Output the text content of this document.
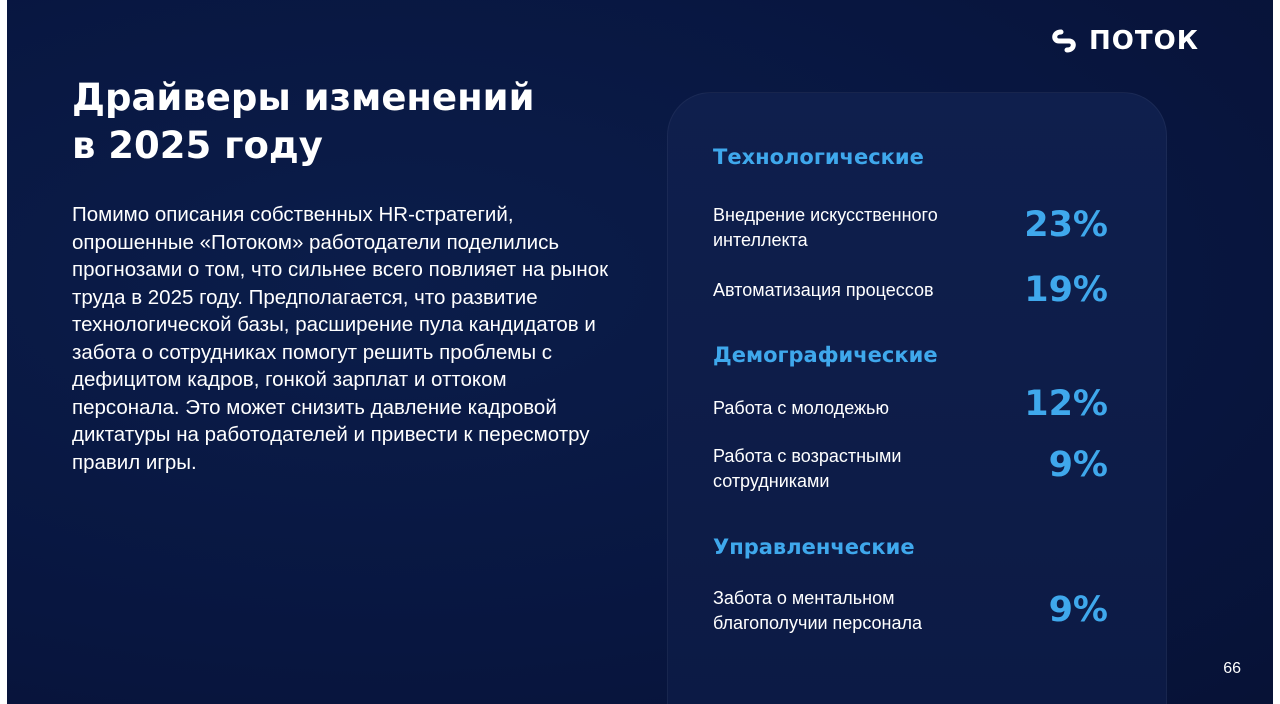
ПОТОК
Драйверы изменений
в 2025 году

Помимо описания собственных HR-стратегий, опрошенные «Потоком» работодатели поделились прогнозами о том, что сильнее всего повлияет на рынок труда в 2025 году. Предполагается, что развитие технологической базы, расширение пула кандидатов и забота о сотрудниках помогут решить проблемы с дефицитом кадров, гонкой зарплат и оттоком персонала. Это может снизить давление кадровой диктатуры на работодателей и привести к пересмотру правил игры.

Технологические
Внедрение искусственного интеллекта	23%
Автоматизация процессов	19%
Демографические
Работа с молодежью	12%
Работа с возрастными сотрудниками	9%
Управленческие
Забота о ментальном благополучии персонала	9%
66
